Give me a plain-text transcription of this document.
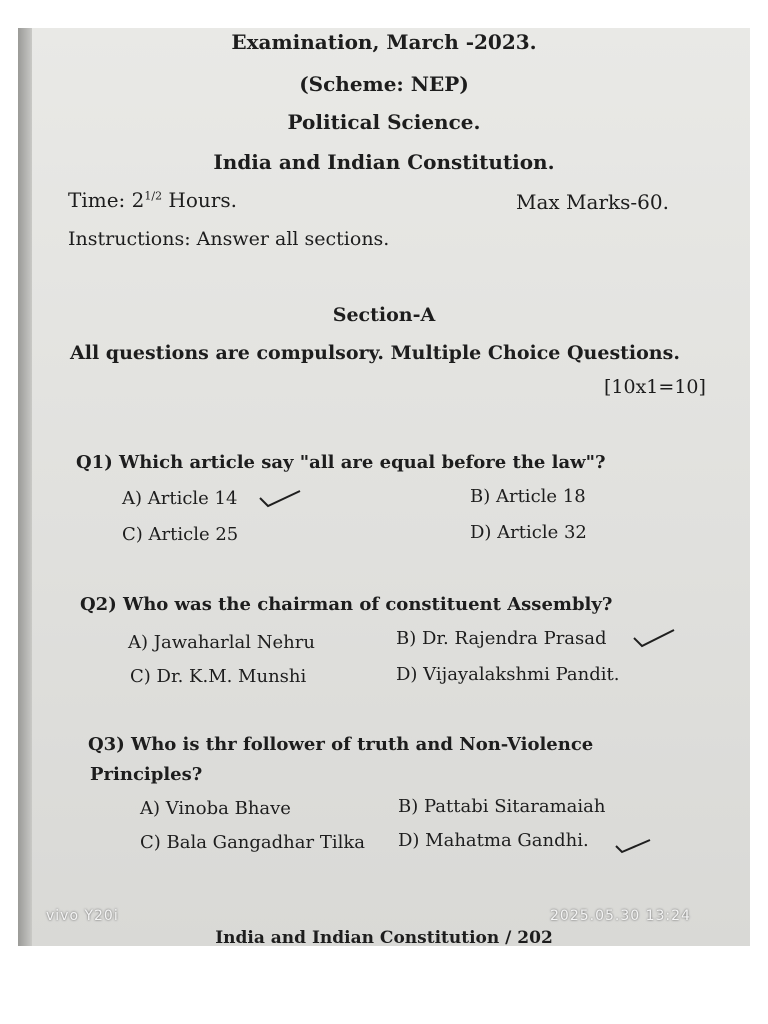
Examination, March -2023.
(Scheme: NEP)
Political Science.
India and Indian Constitution.
Time: $2^{1/2}$ Hours.	Max Marks-60.
Instructions: Answer all sections.
Section-A
All questions are compulsory. Multiple Choice Questions.
[10x1=10]
Q1) Which article say "all are equal before the law"?
A) Article 14	B) Article 18
C) Article 25	D) Article 32
Q2) Who was the chairman of constituent Assembly?
A) Jawaharlal Nehru	B) Dr. Rajendra Prasad
C) Dr. K.M. Munshi	D) Vijayalakshmi Pandit.
Q3) Who is thr follower of truth and Non-Violence
Principles?
A) Vinoba Bhave	B) Pattabi Sitaramaiah
C) Bala Gangadhar Tilka D) Mahatma Gandhi.
India and Indian Constitution / 202
vivo Y20i	2025.05.30 13:24
